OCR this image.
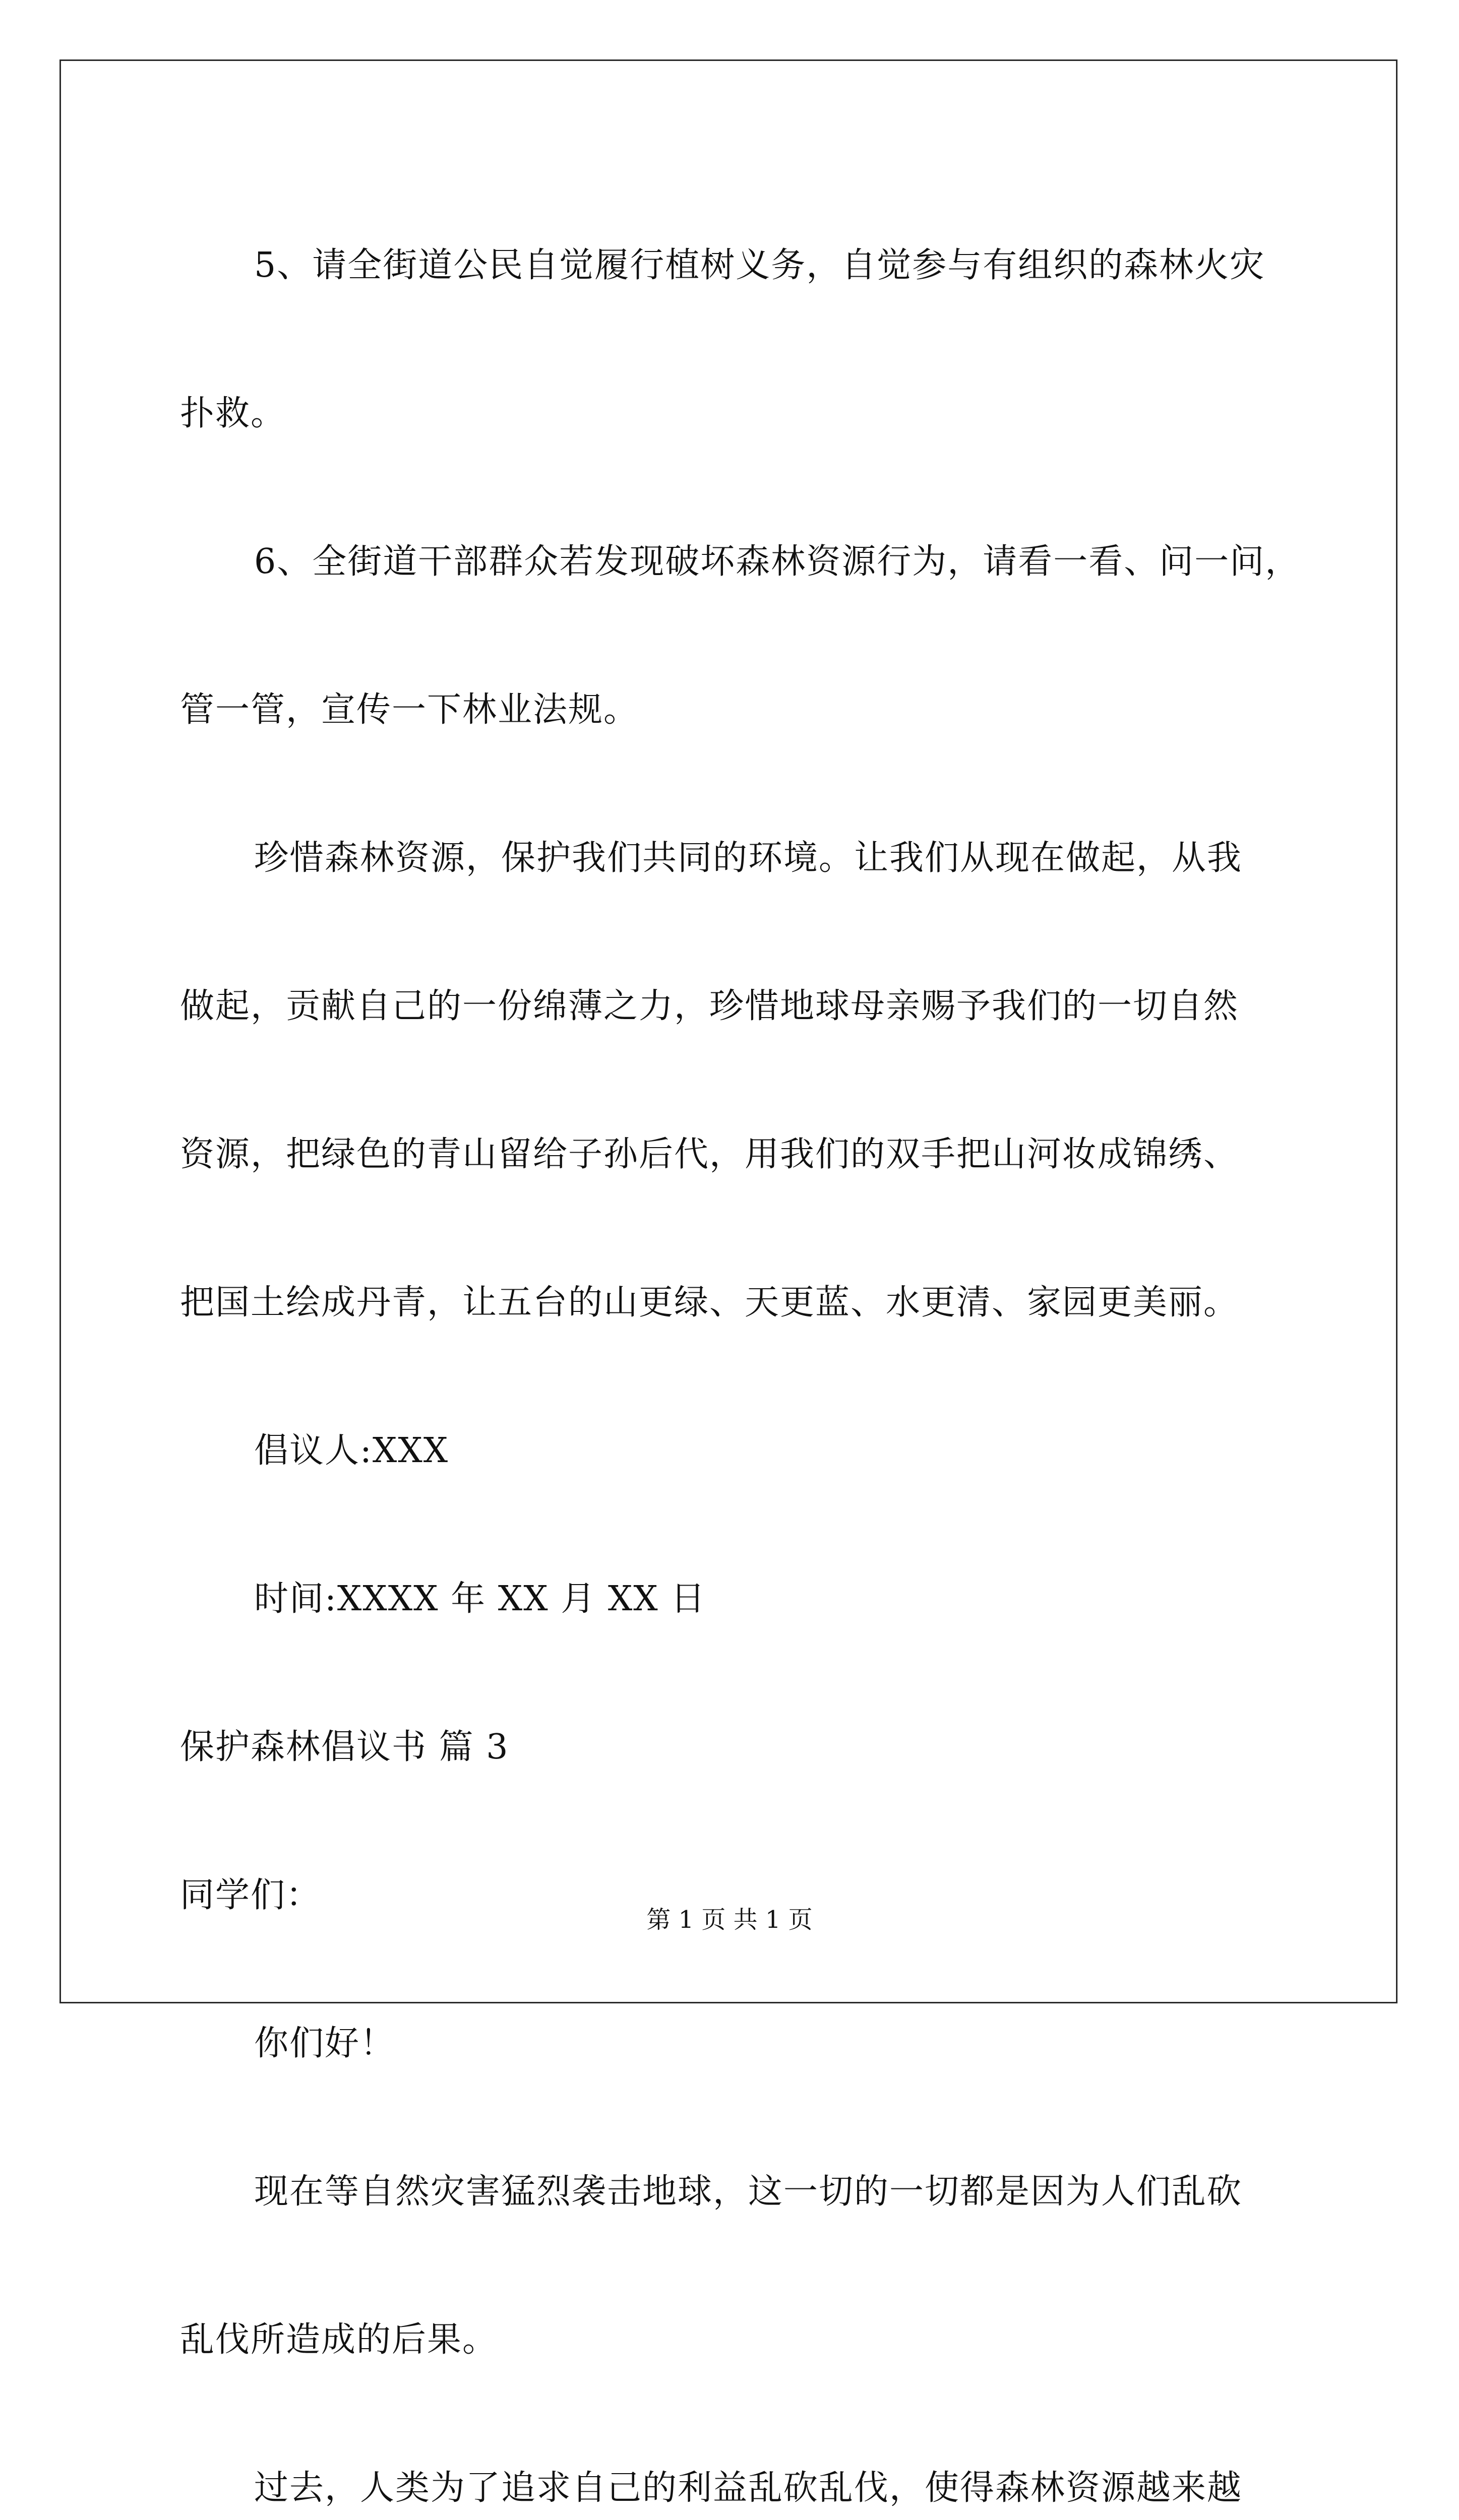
5、请全街道公民自觉履行植树义务，自觉参与有组织的森林火灾
扑救。

6、全街道干部群众若发现破坏森林资源行为，请看一看、问一问，
管一管，宣传一下林业法规。

珍惜森林资源，保护我们共同的环境。让我们从现在做起，从我
做起，贡献自己的一份绵薄之力，珍惜地球母亲赐予我们的一切自然
资源，把绿色的青山留给子孙后代，用我们的双手把山河妆成锦绣、
把国土绘成丹青，让五台的山更绿、天更蓝、水更清、家园更美丽。

倡议人:XXX

时间:XXXX 年 XX 月 XX 日

保护森林倡议书 篇 3

同学们：

你们好！

现在等自然灾害猛烈袭击地球，这一切的一切都是因为人们乱砍
乱伐所造成的后果。

过去，人类为了追求自己的利益乱砍乱伐，使得森林资源越来越

第 1 页 共 1 页
